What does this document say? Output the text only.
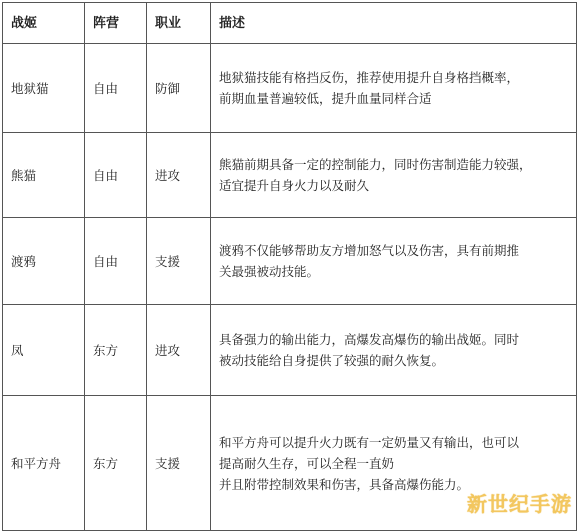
战姬	阵营	职业	描述
地狱猫	自由	防御	地狱猫技能有格挡反伤，推荐使用提升自身格挡概率，
前期血量普遍较低，提升血量同样合适

熊猫	自由	进攻	熊猫前期具备一定的控制能力，同时伤害制造能力较强，
适宜提升自身火力以及耐久

渡鸦	自由	支援	渡鸦不仅能够帮助友方增加怒气以及伤害，具有前期推
关最强被动技能。

凤	东方	进攻	具备强力的输出能力，高爆发高爆伤的输出战姬。同时
被动技能给自身提供了较强的耐久恢复。

和平方舟	东方	支援	和平方舟可以提升火力既有一定奶量又有输出，也可以
提高耐久生存，可以全程一直奶
并且附带控制效果和伤害，具备高爆伤能力。
新世纪手游
